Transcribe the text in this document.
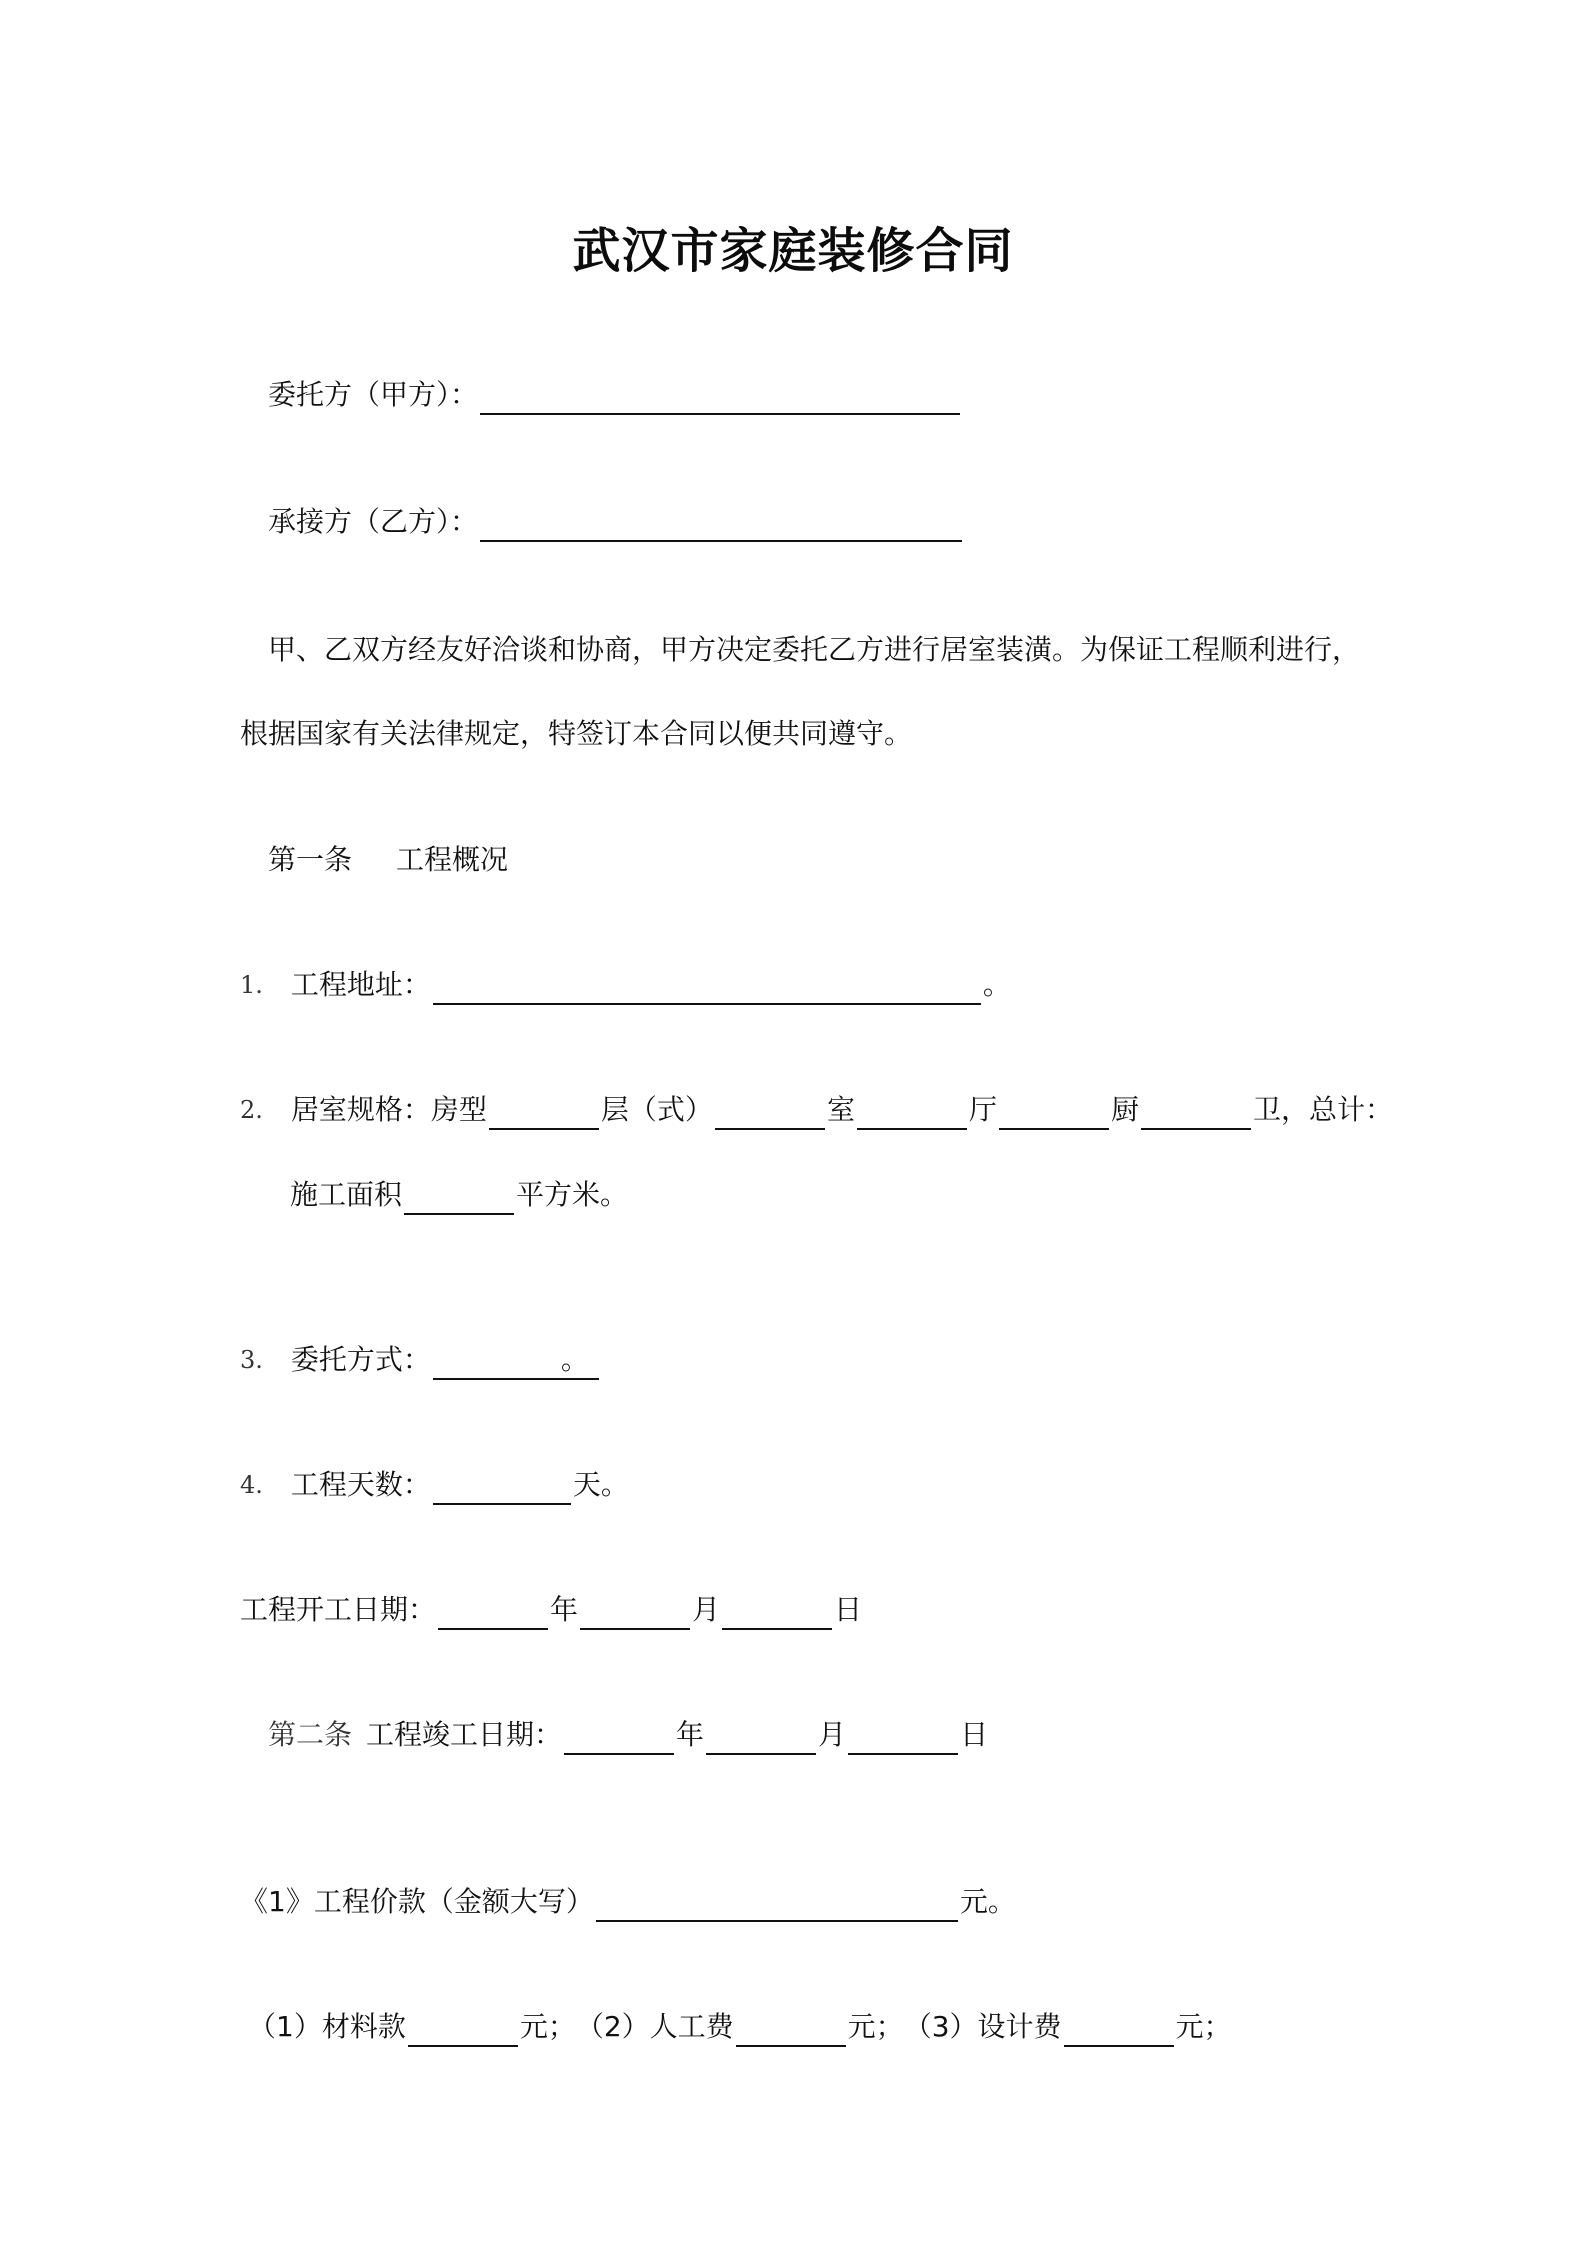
武汉市家庭装修合同
委托方（甲方）：
承接方（乙方）：
甲、乙双方经友好洽谈和协商，甲方决定委托乙方进行居室装潢。为保证工程顺利进行，
根据国家有关法律规定，特签订本合同以便共同遵守。
第一条 工程概况
1. 工程地址：	。
2. 居室规格：房型	层（式）	室	厅	厨	卫，总计：
施工面积	平方米。
3. 委托方式：	。
4. 工程天数：	天。
工程开工日期：	年	月	日
第二条 工程竣工日期：	年	月	日
《1》工程价款（金额大写）	元。
（1）材料款	元； （2）人工费	元； （3）设计费	元；
